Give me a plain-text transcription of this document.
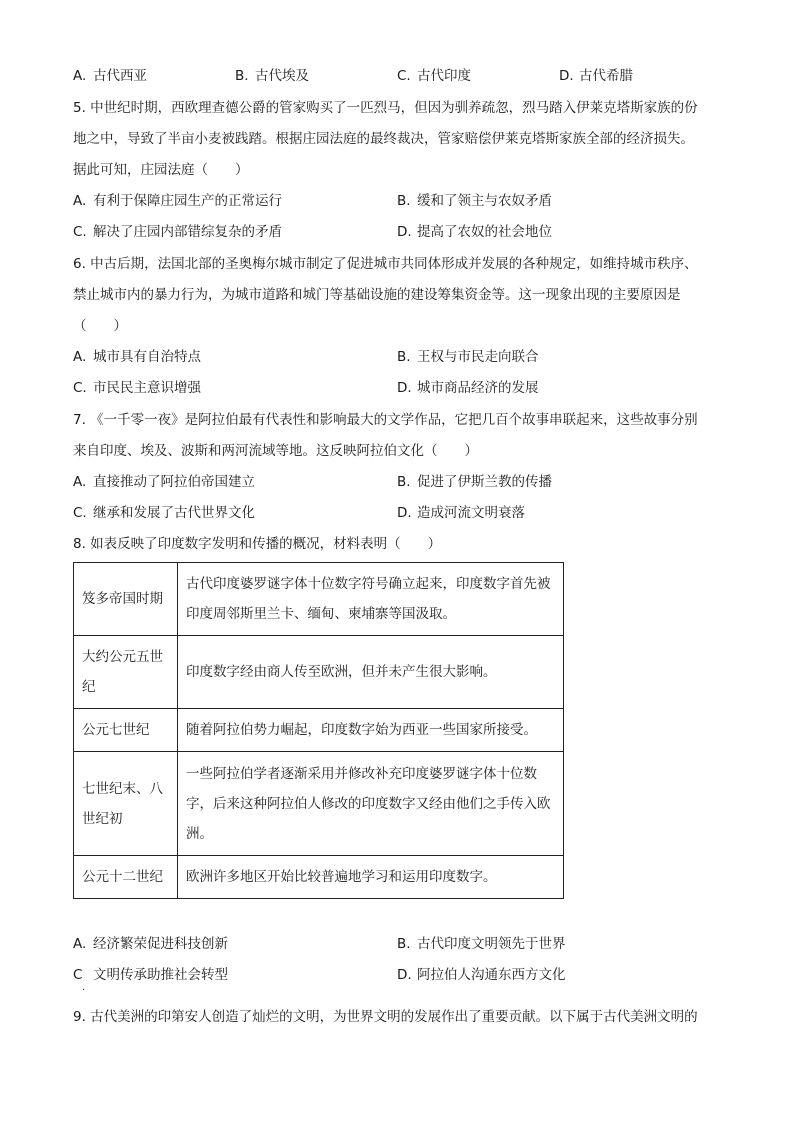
A. 古代西亚	B. 古代埃及	C. 古代印度	D. 古代希腊
5. 中世纪时期，西欧理查德公爵的管家购买了一匹烈马，但因为驯养疏忽，烈马踏入伊莱克塔斯家族的份
地之中，导致了半亩小麦被践踏。根据庄园法庭的最终裁决，管家赔偿伊莱克塔斯家族全部的经济损失。
据此可知，庄园法庭（　　）
A. 有利于保障庄园生产的正常运行	B. 缓和了领主与农奴矛盾
C. 解决了庄园内部错综复杂的矛盾	D. 提高了农奴的社会地位
6. 中古后期，法国北部的圣奥梅尔城市制定了促进城市共同体形成并发展的各种规定，如维持城市秩序、
禁止城市内的暴力行为，为城市道路和城门等基础设施的建设筹集资金等。这一现象出现的主要原因是
（　　）
A. 城市具有自治特点	B. 王权与市民走向联合
C. 市民民主意识增强	D. 城市商品经济的发展
7. 《一千零一夜》是阿拉伯最有代表性和影响最大的文学作品，它把几百个故事串联起来，这些故事分别
来自印度、埃及、波斯和两河流域等地。这反映阿拉伯文化（　　）
A. 直接推动了阿拉伯帝国建立	B. 促进了伊斯兰教的传播
C. 继承和发展了古代世界文化	D. 造成河流文明衰落
8. 如表反映了印度数字发明和传播的概况，材料表明（　　）
笈多帝国时期	古代印度婆罗谜字体十位数字符号确立起来，印度数字首先被印度周邻斯里兰卡、缅甸、柬埔寨等国汲取。
大约公元五世纪	印度数字经由商人传至欧洲，但并未产生很大影响。
公元七世纪	随着阿拉伯势力崛起，印度数字始为西亚一些国家所接受。
七世纪末、八世纪初	一些阿拉伯学者逐渐采用并修改补充印度婆罗谜字体十位数字，后来这种阿拉伯人修改的印度数字又经由他们之手传入欧洲。
公元十二世纪	欧洲许多地区开始比较普遍地学习和运用印度数字。
A. 经济繁荣促进科技创新	B. 古代印度文明领先于世界
C 文明传承助推社会转型	D. 阿拉伯人沟通东西方文化
·
9. 古代美洲的印第安人创造了灿烂的文明，为世界文明的发展作出了重要贡献。以下属于古代美洲文明的
